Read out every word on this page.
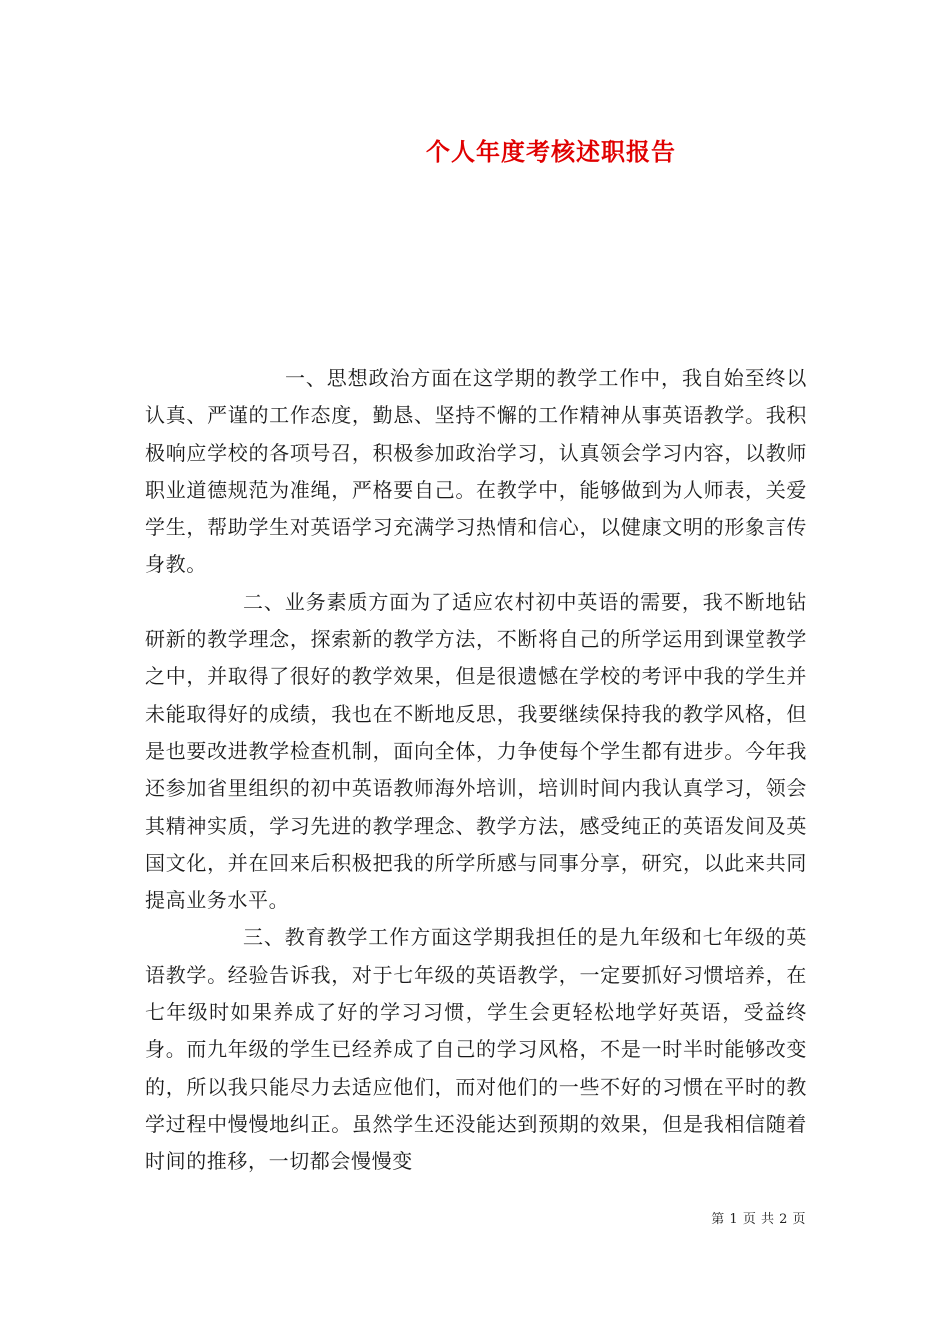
个人年度考核述职报告

一、思想政治方面在这学期的教学工作中，我自始至终以认真、严谨的工作态度，勤恳、坚持不懈的工作精神从事英语教学。我积极响应学校的各项号召，积极参加政治学习，认真领会学习内容，以教师职业道德规范为准绳，严格要自己。在教学中，能够做到为人师表，关爱学生，帮助学生对英语学习充满学习热情和信心，以健康文明的形象言传身教。

二、业务素质方面为了适应农村初中英语的需要，我不断地钻研新的教学理念，探索新的教学方法，不断将自己的所学运用到课堂教学之中，并取得了很好的教学效果，但是很遗憾在学校的考评中我的学生并未能取得好的成绩，我也在不断地反思，我要继续保持我的教学风格，但是也要改进教学检查机制，面向全体，力争使每个学生都有进步。今年我还参加省里组织的初中英语教师海外培训，培训时间内我认真学习，领会其精神实质，学习先进的教学理念、教学方法，感受纯正的英语发间及英国文化，并在回来后积极把我的所学所感与同事分享，研究，以此来共同提高业务水平。

三、教育教学工作方面这学期我担任的是九年级和七年级的英语教学。经验告诉我，对于七年级的英语教学，一定要抓好习惯培养，在七年级时如果养成了好的学习习惯，学生会更轻松地学好英语，受益终身。而九年级的学生已经养成了自己的学习风格，不是一时半时能够改变的，所以我只能尽力去适应他们，而对他们的一些不好的习惯在平时的教学过程中慢慢地纠正。虽然学生还没能达到预期的效果，但是我相信随着时间的推移，一切都会慢慢变

第 1 页 共 2 页
